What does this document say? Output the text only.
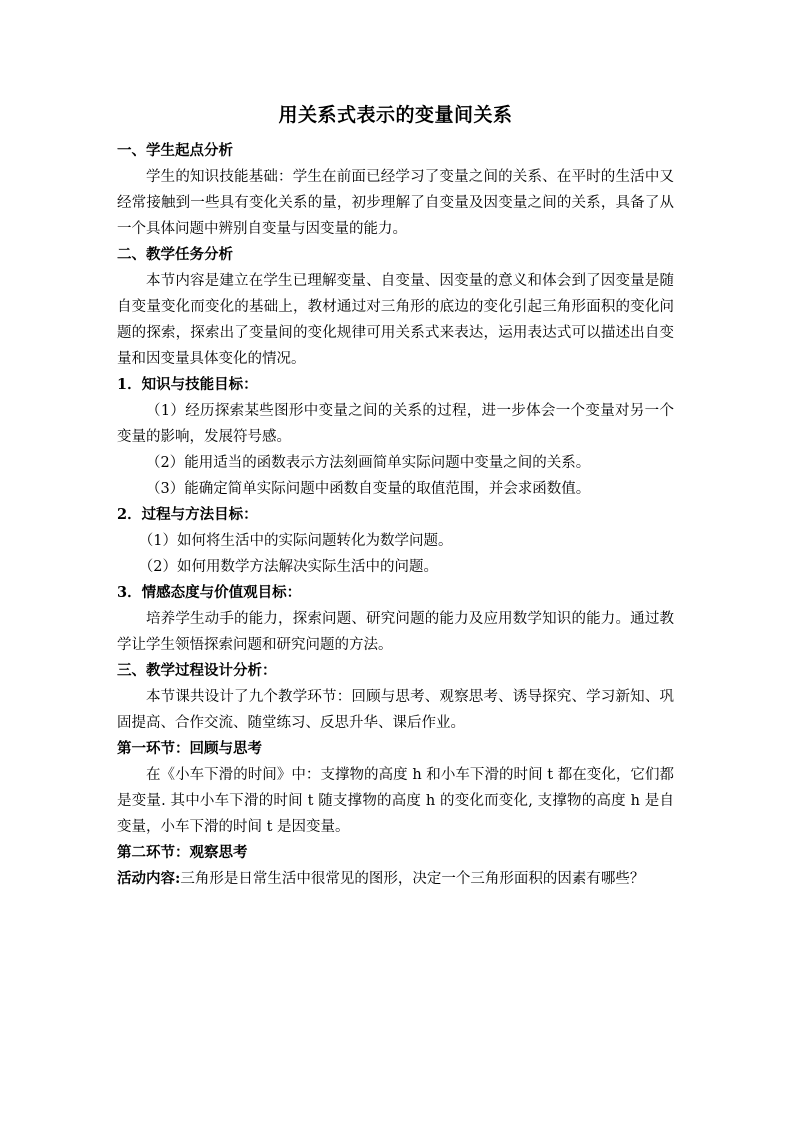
用关系式表示的变量间关系

一、学生起点分析

学生的知识技能基础：学生在前面已经学习了变量之间的关系、在平时的生活中又经常接触到一些具有变化关系的量，初步理解了自变量及因变量之间的关系，具备了从一个具体问题中辨别自变量与因变量的能力。

二、教学任务分析

本节内容是建立在学生已理解变量、自变量、因变量的意义和体会到了因变量是随自变量变化而变化的基础上，教材通过对三角形的底边的变化引起三角形面积的变化问题的探索，探索出了变量间的变化规律可用关系式来表达，运用表达式可以描述出自变量和因变量具体变化的情况。

1．知识与技能目标：

（1）经历探索某些图形中变量之间的关系的过程，进一步体会一个变量对另一个变量的影响，发展符号感。

（2）能用适当的函数表示方法刻画简单实际问题中变量之间的关系。

（3）能确定简单实际问题中函数自变量的取值范围，并会求函数值。

2．过程与方法目标：

（1）如何将生活中的实际问题转化为数学问题。

（2）如何用数学方法解决实际生活中的问题。

3．情感态度与价值观目标：

培养学生动手的能力，探索问题、研究问题的能力及应用数学知识的能力。通过教学让学生领悟探索问题和研究问题的方法。

三、教学过程设计分析：

本节课共设计了九个教学环节：回顾与思考、观察思考、诱导探究、学习新知、巩固提高、合作交流、随堂练习、反思升华、课后作业。

第一环节：回顾与思考

在《小车下滑的时间》中：支撑物的高度 h 和小车下滑的时间 t 都在变化，它们都是变量. 其中小车下滑的时间 t 随支撑物的高度 h 的变化而变化, 支撑物的高度 h 是自变量，小车下滑的时间 t 是因变量。

第二环节：观察思考

活动内容:三角形是日常生活中很常见的图形，决定一个三角形面积的因素有哪些？
